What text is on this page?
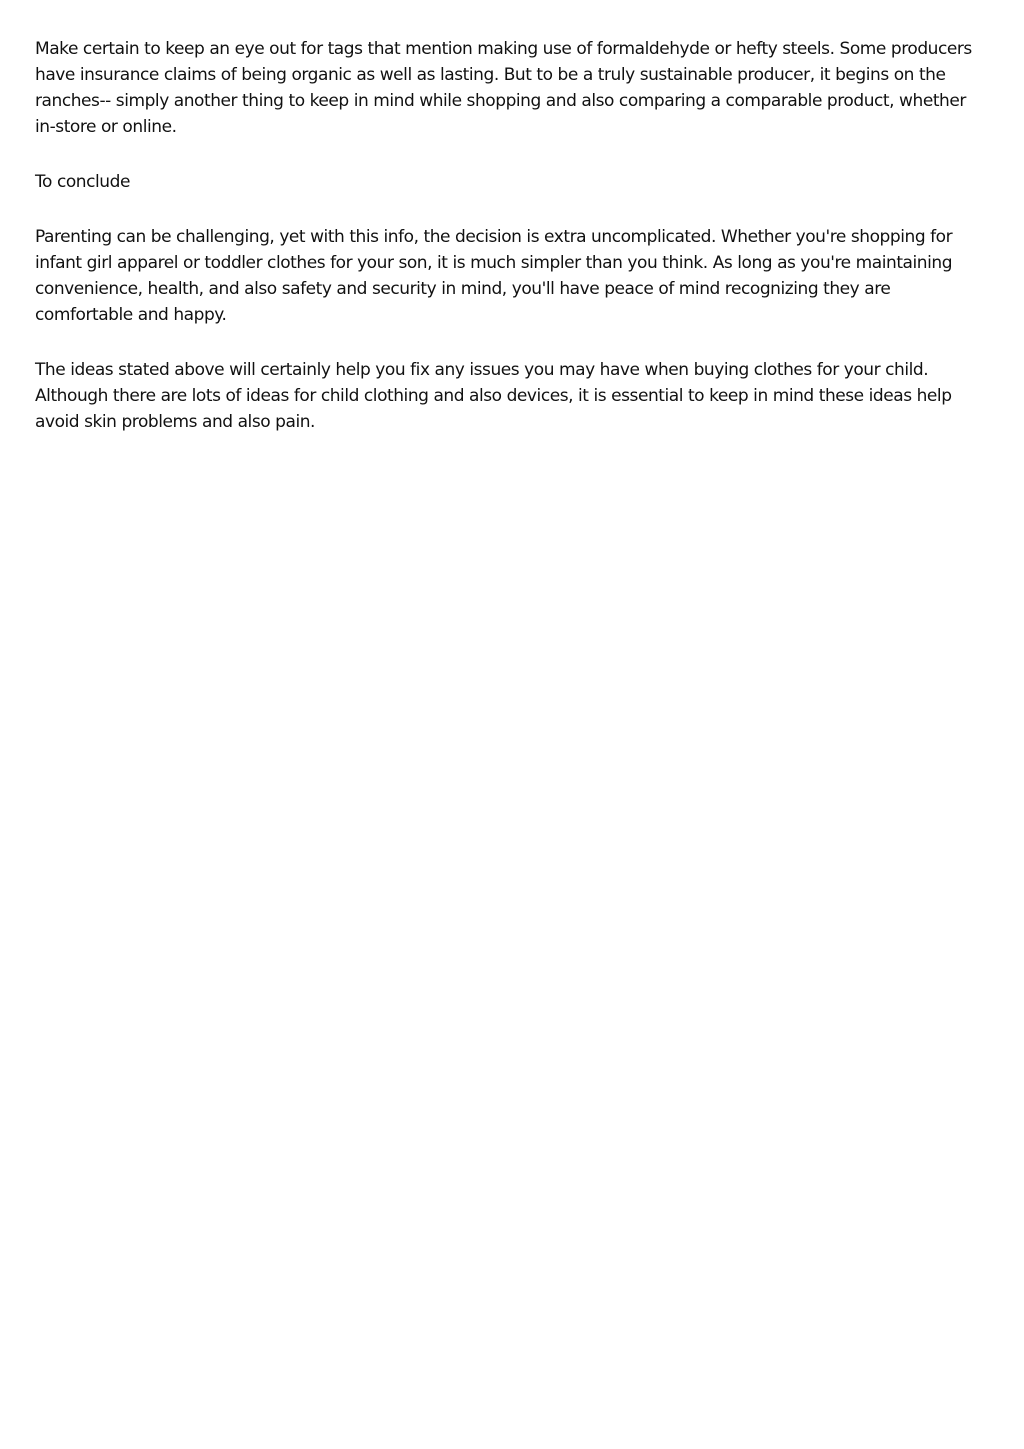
Make certain to keep an eye out for tags that mention making use of formaldehyde or hefty steels. Some producers have insurance claims of being organic as well as lasting. But to be a truly sustainable producer, it begins on the ranches-- simply another thing to keep in mind while shopping and also comparing a comparable product, whether in-store or online.

To conclude

Parenting can be challenging, yet with this info, the decision is extra uncomplicated. Whether you're shopping for infant girl apparel or toddler clothes for your son, it is much simpler than you think. As long as you're maintaining convenience, health, and also safety and security in mind, you'll have peace of mind recognizing they are comfortable and happy.

The ideas stated above will certainly help you fix any issues you may have when buying clothes for your child. Although there are lots of ideas for child clothing and also devices, it is essential to keep in mind these ideas help avoid skin problems and also pain.
